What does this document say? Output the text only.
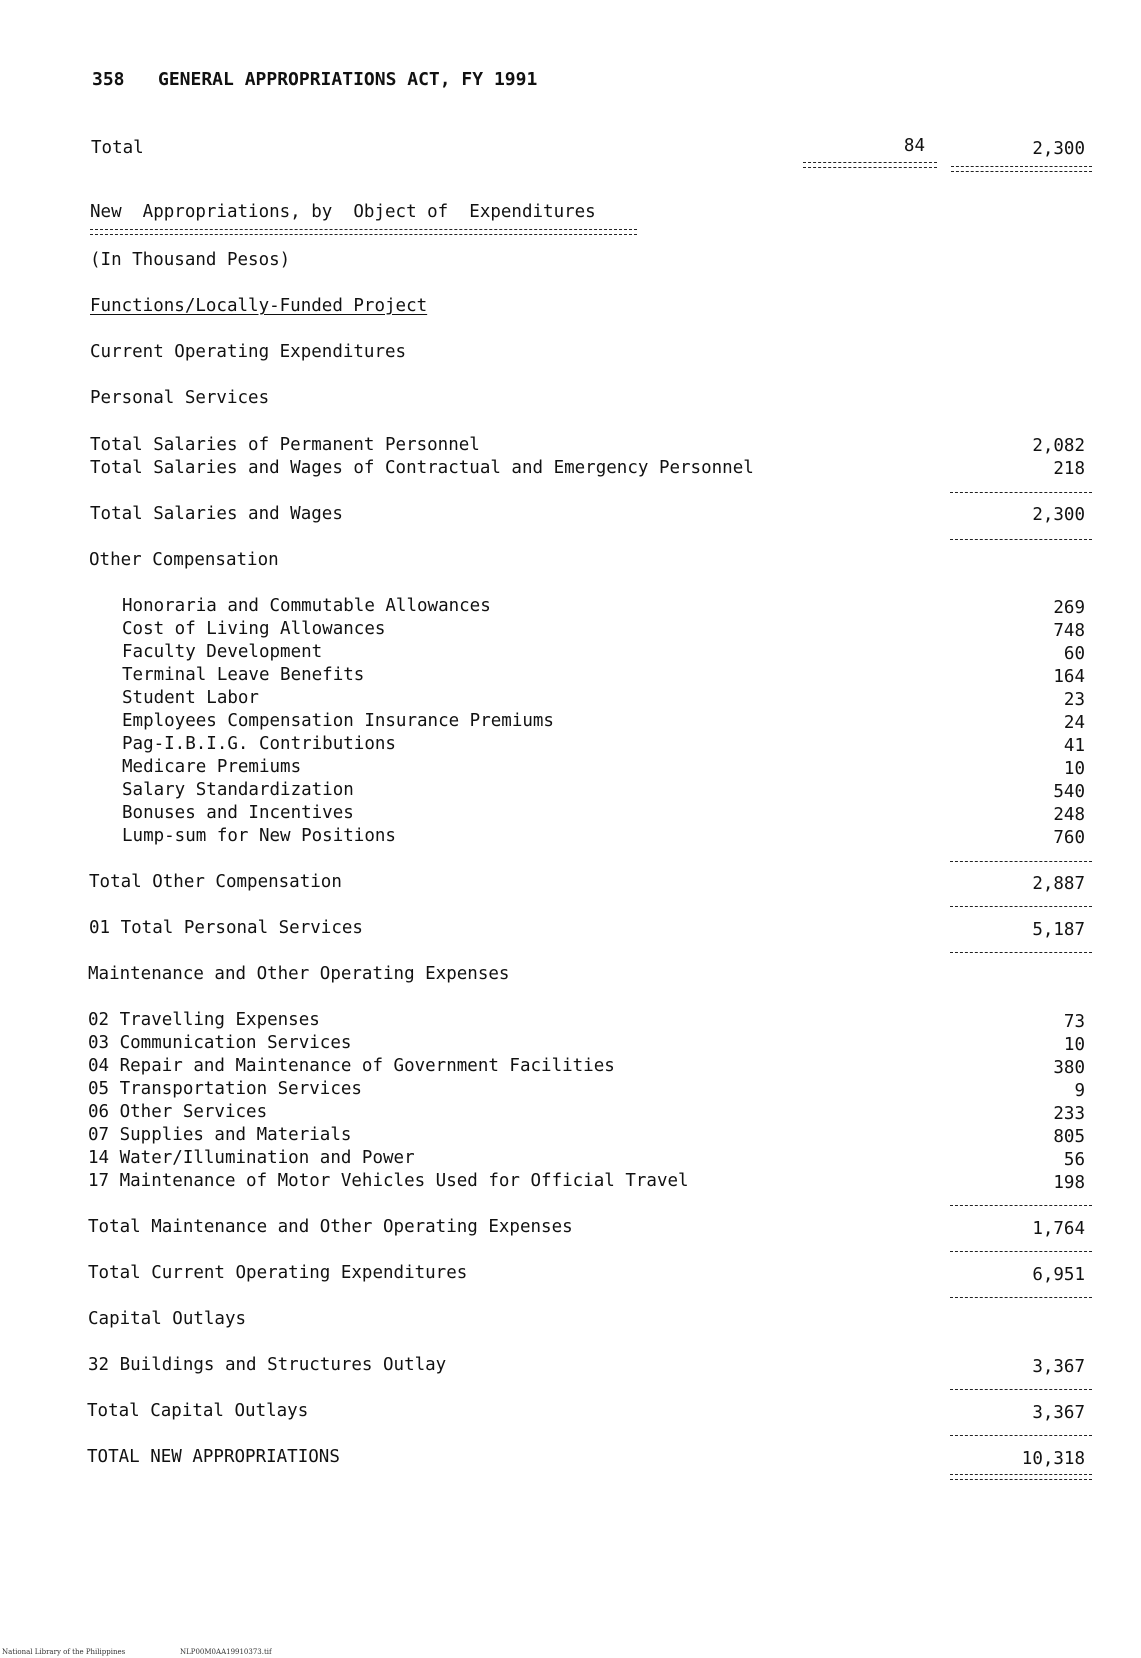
358 GENERAL APPROPRIATIONS ACT, FY 1991
Total	84	2,300
New  Appropriations, by  Object of  Expenditures
(In Thousand Pesos)
Functions/Locally-Funded Project
Current Operating Expenditures
Personal Services
Total Salaries of Permanent Personnel	2,082
Total Salaries and Wages of Contractual and Emergency Personnel	218
Total Salaries and Wages	2,300
Other Compensation
Honoraria and Commutable Allowances	269
Cost of Living Allowances	748
Faculty Development	60
Terminal Leave Benefits	164
Student Labor	23
Employees Compensation Insurance Premiums	24
Pag-I.B.I.G. Contributions	41
Medicare Premiums	10
Salary Standardization	540
Bonuses and Incentives	248
Lump-sum for New Positions	760
Total Other Compensation	2,887
01 Total Personal Services	5,187
Maintenance and Other Operating Expenses
02 Travelling Expenses	73
03 Communication Services	10
04 Repair and Maintenance of Government Facilities	380
05 Transportation Services	9
06 Other Services	233
07 Supplies and Materials	805
14 Water/Illumination and Power	56
17 Maintenance of Motor Vehicles Used for Official Travel	198
Total Maintenance and Other Operating Expenses	1,764
Total Current Operating Expenditures	6,951
Capital Outlays
32 Buildings and Structures Outlay	3,367
Total Capital Outlays	3,367
TOTAL NEW APPROPRIATIONS	10,318
National Library of the Philippines	NLP00M0AA19910373.tif
